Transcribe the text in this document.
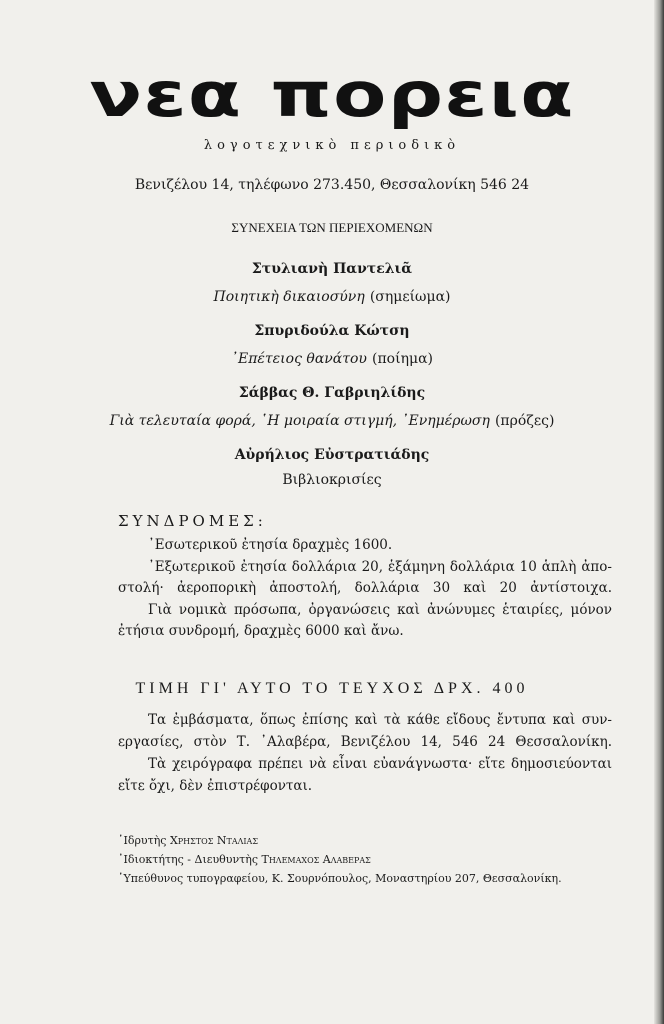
νεα πορεια
λογοτεχνικὸ περιοδικὸ
Βενιζέλου 14, τηλέφωνο 273.450, Θεσσαλονίκη 546 24
ΣΥΝΕΧΕΙΑ ΤΩΝ ΠΕΡΙΕΧΟΜΕΝΩΝ
Στυλιανὴ Παντελιᾶ
Ποιητικὴ δικαιοσύνη (σημείωμα)
Σπυριδούλα Κώτση
᾿Επέτειος θανάτου (ποίημα)
Σάββας Θ. Γαβριηλίδης
Γιὰ τελευταία φορά, ῾Η μοιραία στιγμή, ᾿Ενημέρωση (πρόζες)
Αὐρήλιος Εὐστρατιάδης
Βιβλιοκρισίες
ΣΥΝΔΡΟΜΕΣ:
᾿Εσωτερικοῦ ἐτησία δραχμὲς 1600.
᾿Εξωτερικοῦ ἐτησία δολλάρια 20, ἑξάμηνη δολλάρια 10 ἁπλὴ ἀπο-
στολή· ἀεροπορικὴ ἀποστολή, δολλάρια 30 καὶ 20 ἀντίστοιχα.
Γιὰ νομικὰ πρόσωπα, ὀργανώσεις καὶ ἀνώνυμες ἑταιρίες, μόνον
ἐτήσια συνδρομή, δραχμὲς 6000 καὶ ἄνω.
ΤΙΜΗ ΓΙ' ΑΥΤΟ ΤΟ ΤΕΥΧΟΣ ΔΡΧ. 400
Τα ἐμβάσματα, ὅπως ἐπίσης καὶ τὰ κάθε εἴδους ἔντυπα καὶ συν-
εργασίες, στὸν Τ. ᾿Αλαβέρα, Βενιζέλου 14, 546 24 Θεσσαλονίκη.
Τὰ χειρόγραφα πρέπει νὰ εἶναι εὐανάγνωστα· εἴτε δημοσιεύονται
εἴτε ὄχι, δὲν ἐπιστρέφονται.
῾Ιδρυτὴς Χρηστος Νταλιας
᾿Ιδιοκτήτης - Διευθυντὴς Τηλεμαχος Αλαβερας
῾Υπεύθυνος τυπογραφείου, Κ. Σουρνόπουλος, Μοναστηρίου 207, Θεσσαλονίκη.
